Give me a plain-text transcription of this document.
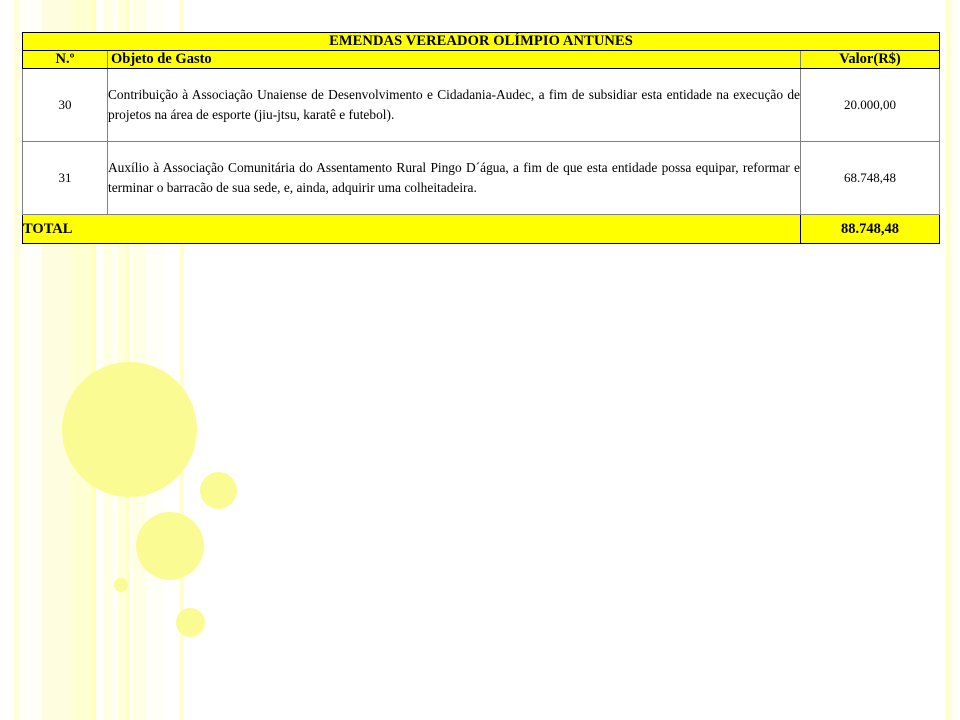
EMENDAS VEREADOR OLÍMPIO ANTUNES		
N.º	Objeto de Gasto	Valor(R$)
30	Contribuição à Associação Unaiense de Desenvolvimento e Cidadania-Audec, a fim de subsidiar esta entidade na execução de projetos na área de esporte (jiu-jtsu, karatê e futebol).	20.000,00
31	Auxílio à Associação Comunitária do Assentamento Rural Pingo D´água, a fim de que esta entidade possa equipar, reformar e terminar o barracão de sua sede, e, ainda, adquirir uma colheitadeira.	68.748,48
TOTAL		88.748,48
